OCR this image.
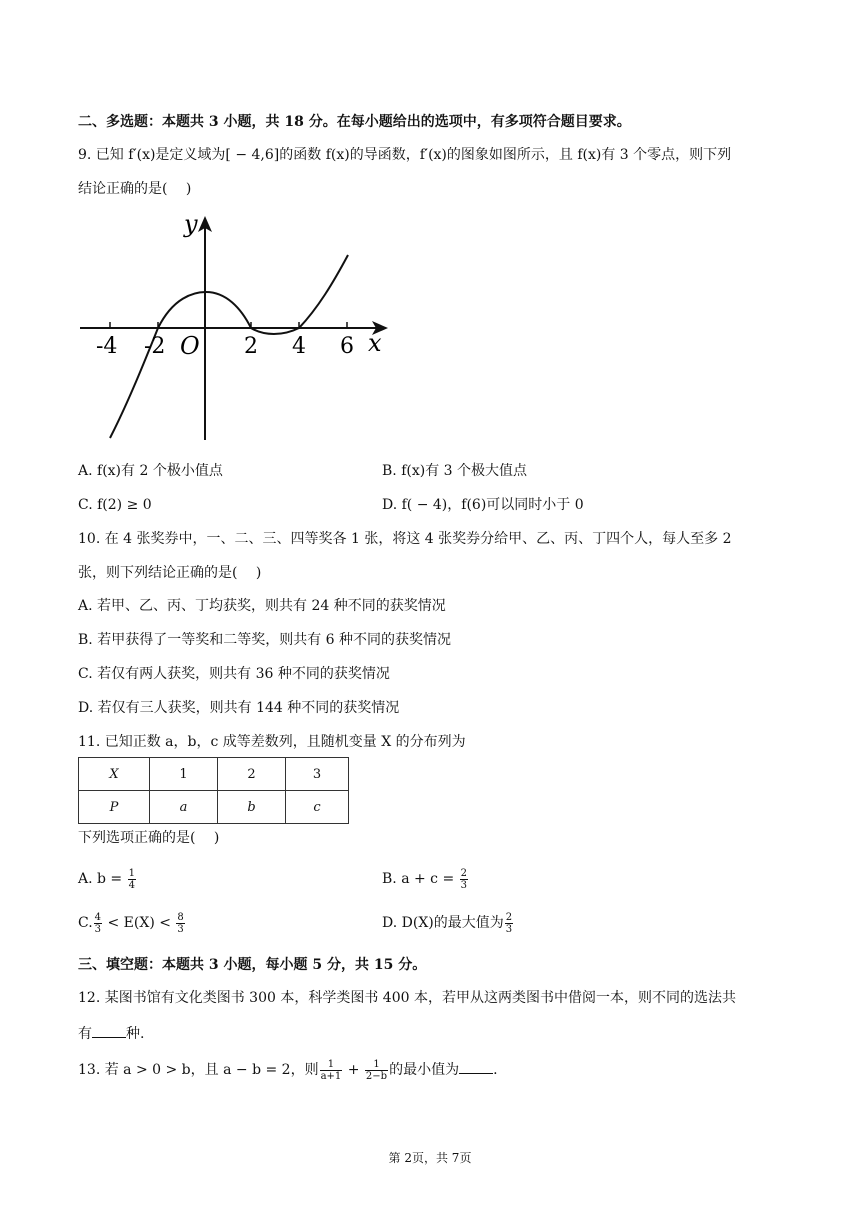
二、多选题：本题共 3 小题，共 18 分。在每小题给出的选项中，有多项符合题目要求。
9. 已知 f′(x)是定义域为[ − 4,6]的函数 f(x)的导函数，f′(x)的图象如图所示，且 f(x)有 3 个零点，则下列
结论正确的是(　 )
y
x
O
-4 -2	2 4 6
A. f(x)有 2 个极小值点	B. f(x)有 3 个极大值点
C. f(2) ≥ 0	D. f( − 4)，f(6)可以同时小于 0
10. 在 4 张奖券中，一、二、三、四等奖各 1 张，将这 4 张奖券分给甲、乙、丙、丁四个人，每人至多 2
张，则下列结论正确的是(　 )
A. 若甲、乙、丙、丁均获奖，则共有 24 种不同的获奖情况
B. 若甲获得了一等奖和二等奖，则共有 6 种不同的获奖情况
C. 若仅有两人获奖，则共有 36 种不同的获奖情况
D. 若仅有三人获奖，则共有 144 种不同的获奖情况
11. 已知正数 a，b，c 成等差数列，且随机变量 X 的分布列为
X	1	2	3
P	a	b	c
下列选项正确的是(　 )
A. $b = \frac{1}{4}$	B. $a + c = \frac{2}{3}$
C. $\frac{4}{3} < E(X) < \frac{8}{3}$	D. D(X)的最大值为 $\frac{2}{3}$
三、填空题：本题共 3 小题，每小题 5 分，共 15 分。
12. 某图书馆有文化类图书 300 本，科学类图书 400 本，若甲从这两类图书中借阅一本，则不同的选法共
有 种.
13. 若 a > 0 > b，且 a − b = 2，则 $\frac{1}{a+1} + \frac{1}{2-b}$ 的最小值为 .
第 2页，共 7页
